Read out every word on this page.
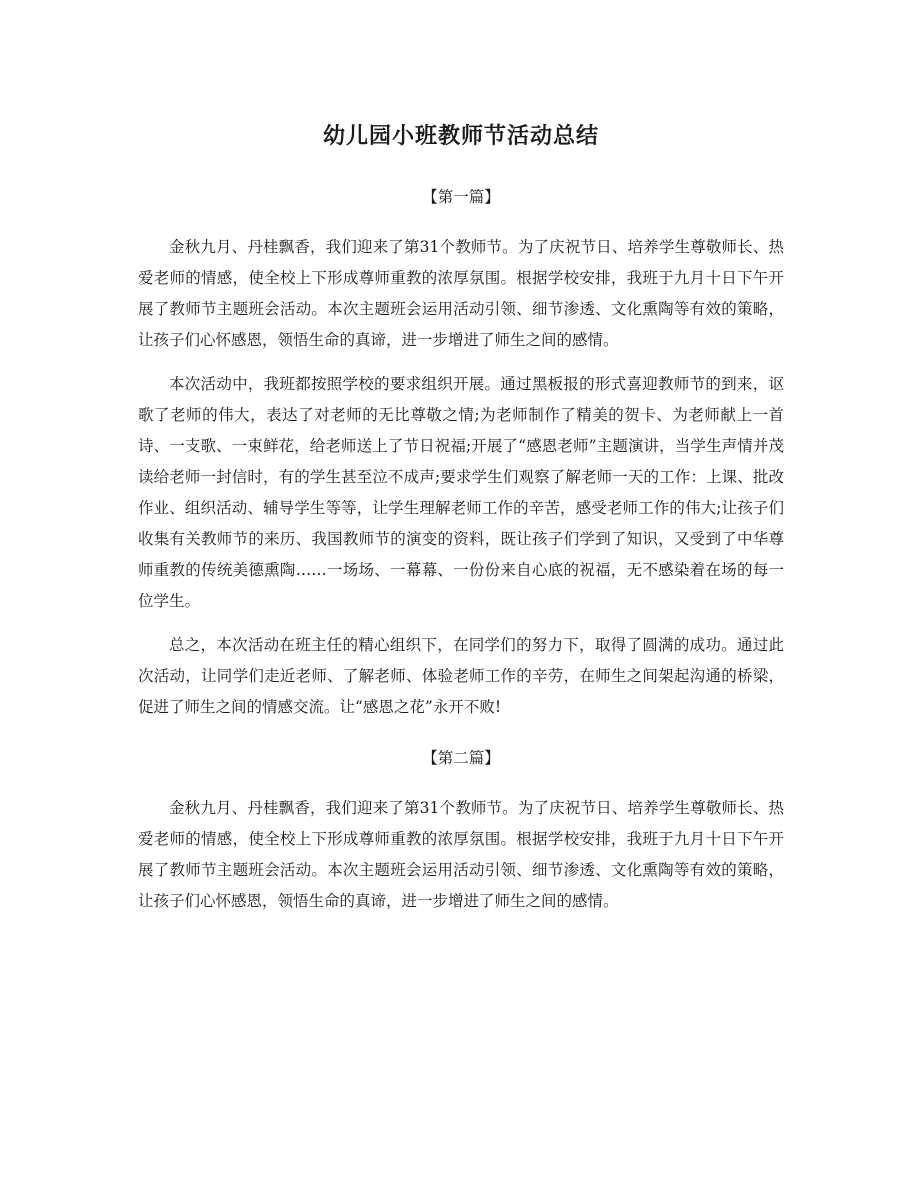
幼儿园小班教师节活动总结

【第一篇】

金秋九月、丹桂飘香，我们迎来了第31个教师节。为了庆祝节日、培养学生尊敬师长、热爱老师的情感，使全校上下形成尊师重教的浓厚氛围。根据学校安排，我班于九月十日下午开展了教师节主题班会活动。本次主题班会运用活动引领、细节渗透、文化熏陶等有效的策略，让孩子们心怀感恩，领悟生命的真谛，进一步增进了师生之间的感情。

本次活动中，我班都按照学校的要求组织开展。通过黑板报的形式喜迎教师节的到来，讴歌了老师的伟大，表达了对老师的无比尊敬之情;为老师制作了精美的贺卡、为老师献上一首诗、一支歌、一束鲜花，给老师送上了节日祝福;开展了“感恩老师”主题演讲，当学生声情并茂读给老师一封信时，有的学生甚至泣不成声;要求学生们观察了解老师一天的工作：上课、批改作业、组织活动、辅导学生等等，让学生理解老师工作的辛苦，感受老师工作的伟大;让孩子们收集有关教师节的来历、我国教师节的演变的资料，既让孩子们学到了知识，又受到了中华尊师重教的传统美德熏陶……一场场、一幕幕、一份份来自心底的祝福，无不感染着在场的每一位学生。

总之，本次活动在班主任的精心组织下，在同学们的努力下，取得了圆满的成功。通过此次活动，让同学们走近老师、了解老师、体验老师工作的辛劳，在师生之间架起沟通的桥梁，促进了师生之间的情感交流。让“感恩之花”永开不败!

【第二篇】

金秋九月、丹桂飘香，我们迎来了第31个教师节。为了庆祝节日、培养学生尊敬师长、热爱老师的情感，使全校上下形成尊师重教的浓厚氛围。根据学校安排，我班于九月十日下午开展了教师节主题班会活动。本次主题班会运用活动引领、细节渗透、文化熏陶等有效的策略，让孩子们心怀感恩，领悟生命的真谛，进一步增进了师生之间的感情。
